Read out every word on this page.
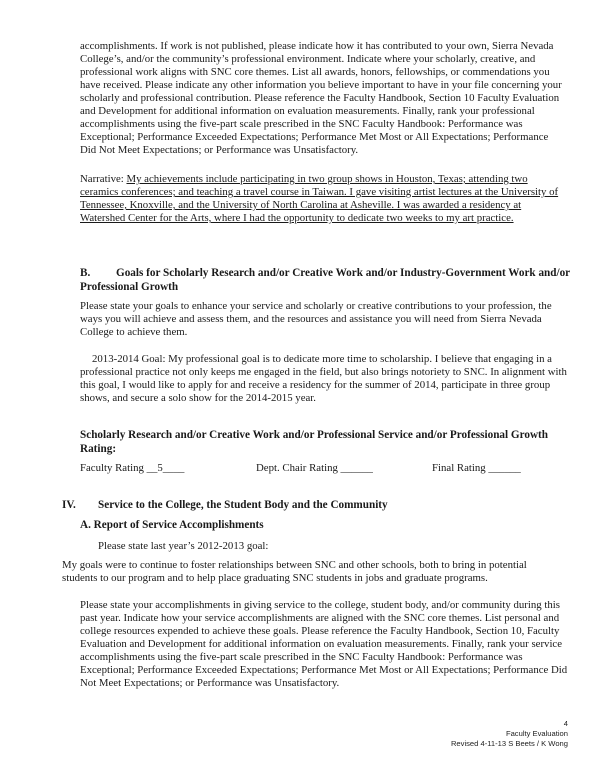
accomplishments. If work is not published, please indicate how it has contributed to your own, Sierra Nevada College’s, and/or the community’s professional environment. Indicate where your scholarly, creative, and professional work aligns with SNC core themes. List all awards, honors, fellowships, or commendations you have received. Please indicate any other information you believe important to have in your file concerning your scholarly and professional contribution. Please reference the Faculty Handbook, Section 10 Faculty Evaluation and Development for additional information on evaluation measurements. Finally, rank your professional accomplishments using the five-part scale prescribed in the SNC Faculty Handbook: Performance was Exceptional; Performance Exceeded Expectations; Performance Met Most or All Expectations; Performance Did Not Meet Expectations; or Performance was Unsatisfactory.

Narrative: My achievements include participating in two group shows in Houston, Texas; attending two ceramics conferences; and teaching a travel course in Taiwan. I gave visiting artist lectures at the University of Tennessee, Knoxville, and the University of North Carolina at Asheville. I was awarded a residency at Watershed Center for the Arts, where I had the opportunity to dedicate two weeks to my art practice.

B. Goals for Scholarly Research and/or Creative Work and/or Industry-Government Work and/or Professional Growth

Please state your goals to enhance your service and scholarly or creative contributions to your profession, the ways you will achieve and assess them, and the resources and assistance you will need from Sierra Nevada College to achieve them.

2013-2014 Goal: My professional goal is to dedicate more time to scholarship. I believe that engaging in a professional practice not only keeps me engaged in the field, but also brings notoriety to SNC. In alignment with this goal, I would like to apply for and receive a residency for the summer of 2014, participate in three group shows, and secure a solo show for the 2014-2015 year.

Scholarly Research and/or Creative Work and/or Professional Service and/or Professional Growth Rating:
Faculty Rating __5____	Dept. Chair Rating ______	Final Rating ______
IV. Service to the College, the Student Body and the Community
A. Report of Service Accomplishments

Please state last year’s 2012-2013 goal:

My goals were to continue to foster relationships between SNC and other schools, both to bring in potential students to our program and to help place graduating SNC students in jobs and graduate programs.

Please state your accomplishments in giving service to the college, student body, and/or community during this past year. Indicate how your service accomplishments are aligned with the SNC core themes. List personal and college resources expended to achieve these goals. Please reference the Faculty Handbook, Section 10, Faculty Evaluation and Development for additional information on evaluation measurements. Finally, rank your service accomplishments using the five-part scale prescribed in the SNC Faculty Handbook: Performance was Exceptional; Performance Exceeded Expectations; Performance Met Most or All Expectations; Performance Did Not Meet Expectations; or Performance was Unsatisfactory.

4
Faculty Evaluation
Revised 4-11-13 S Beets / K Wong
